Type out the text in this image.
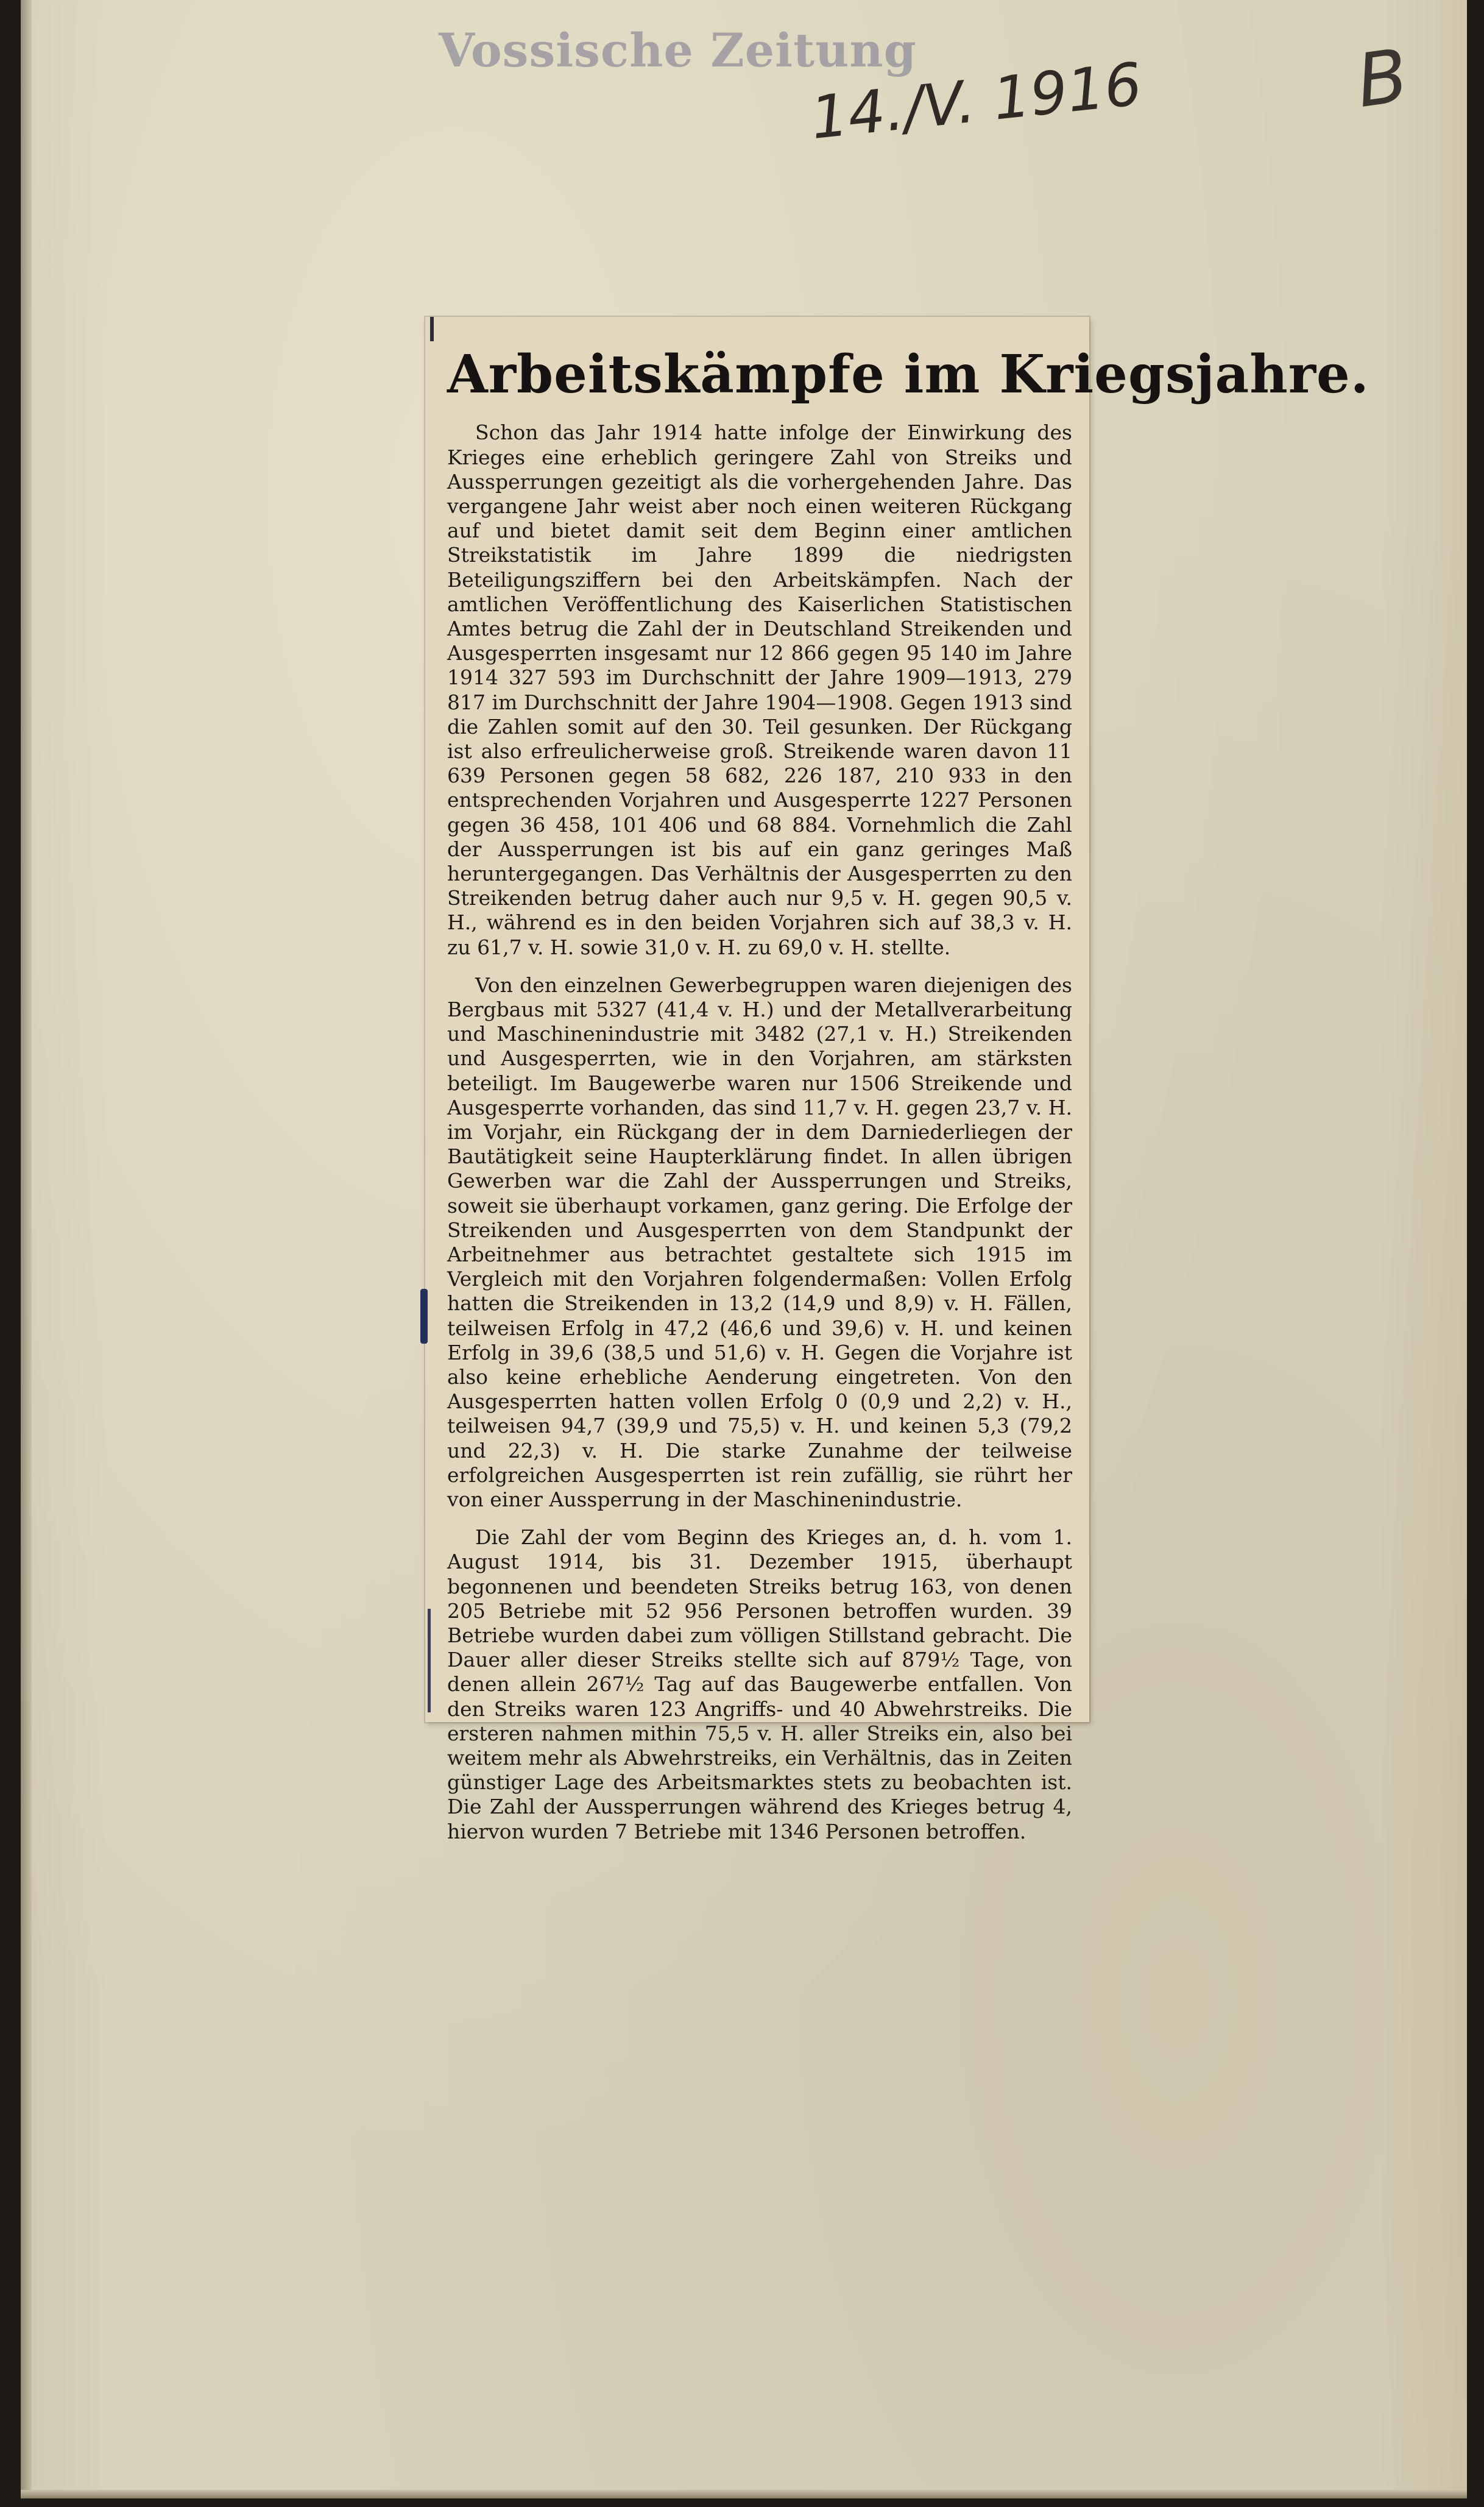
Vossische Zeitung
14./V. 1916	B
Arbeitskämpfe im Kriegsjahre.

Schon das Jahr 1914 hatte infolge der Einwirkung des Krieges eine erheblich geringere Zahl von Streiks und Aussperrungen gezeitigt als die vorhergehenden Jahre. Das vergangene Jahr weist aber noch einen weiteren Rückgang auf und bietet damit seit dem Beginn einer amtlichen Streikstatistik im Jahre 1899 die niedrigsten Beteiligungsziffern bei den Arbeitskämpfen. Nach der amtlichen Veröffentlichung des Kaiserlichen Statistischen Amtes betrug die Zahl der in Deutschland Streikenden und Ausgesperrten insgesamt nur 12 866 gegen 95 140 im Jahre 1914 327 593 im Durchschnitt der Jahre 1909—1913, 279 817 im Durchschnitt der Jahre 1904—1908. Gegen 1913 sind die Zahlen somit auf den 30. Teil gesunken. Der Rückgang ist also erfreulicherweise groß. Streikende waren davon 11 639 Personen gegen 58 682, 226 187, 210 933 in den entsprechenden Vorjahren und Ausgesperrte 1227 Personen gegen 36 458, 101 406 und 68 884. Vornehmlich die Zahl der Aussperrungen ist bis auf ein ganz geringes Maß heruntergegangen. Das Verhältnis der Ausgesperrten zu den Streikenden betrug daher auch nur 9,5 v. H. gegen 90,5 v. H., während es in den beiden Vorjahren sich auf 38,3 v. H. zu 61,7 v. H. sowie 31,0 v. H. zu 69,0 v. H. stellte.

Von den einzelnen Gewerbegruppen waren diejenigen des Bergbaus mit 5327 (41,4 v. H.) und der Metallverarbeitung und Maschinenindustrie mit 3482 (27,1 v. H.) Streikenden und Ausgesperrten, wie in den Vorjahren, am stärksten beteiligt. Im Baugewerbe waren nur 1506 Streikende und Ausgesperrte vorhanden, das sind 11,7 v. H. gegen 23,7 v. H. im Vorjahr, ein Rückgang der in dem Darniederliegen der Bautätigkeit seine Haupterklärung findet. In allen übrigen Gewerben war die Zahl der Aussperrungen und Streiks, soweit sie überhaupt vorkamen, ganz gering. Die Erfolge der Streikenden und Ausgesperrten von dem Standpunkt der Arbeitnehmer aus betrachtet gestaltete sich 1915 im Vergleich mit den Vorjahren folgendermaßen: Vollen Erfolg hatten die Streikenden in 13,2 (14,9 und 8,9) v. H. Fällen, teilweisen Erfolg in 47,2 (46,6 und 39,6) v. H. und keinen Erfolg in 39,6 (38,5 und 51,6) v. H. Gegen die Vorjahre ist also keine erhebliche Aenderung eingetreten. Von den Ausgesperrten hatten vollen Erfolg 0 (0,9 und 2,2) v. H., teilweisen 94,7 (39,9 und 75,5) v. H. und keinen 5,3 (79,2 und 22,3) v. H. Die starke Zunahme der teilweise erfolgreichen Ausgesperrten ist rein zufällig, sie rührt her von einer Aussperrung in der Maschinenindustrie.

Die Zahl der vom Beginn des Krieges an, d. h. vom 1. August 1914, bis 31. Dezember 1915, überhaupt begonnenen und beendeten Streiks betrug 163, von denen 205 Betriebe mit 52 956 Personen betroffen wurden. 39 Betriebe wurden dabei zum völligen Stillstand gebracht. Die Dauer aller dieser Streiks stellte sich auf 879½ Tage, von denen allein 267½ Tag auf das Baugewerbe entfallen. Von den Streiks waren 123 Angriffs- und 40 Abwehrstreiks. Die ersteren nahmen mithin 75,5 v. H. aller Streiks ein, also bei weitem mehr als Abwehrstreiks, ein Verhältnis, das in Zeiten günstiger Lage des Arbeitsmarktes stets zu beobachten ist. Die Zahl der Aussperrungen während des Krieges betrug 4, hiervon wurden 7 Betriebe mit 1346 Personen betroffen.
